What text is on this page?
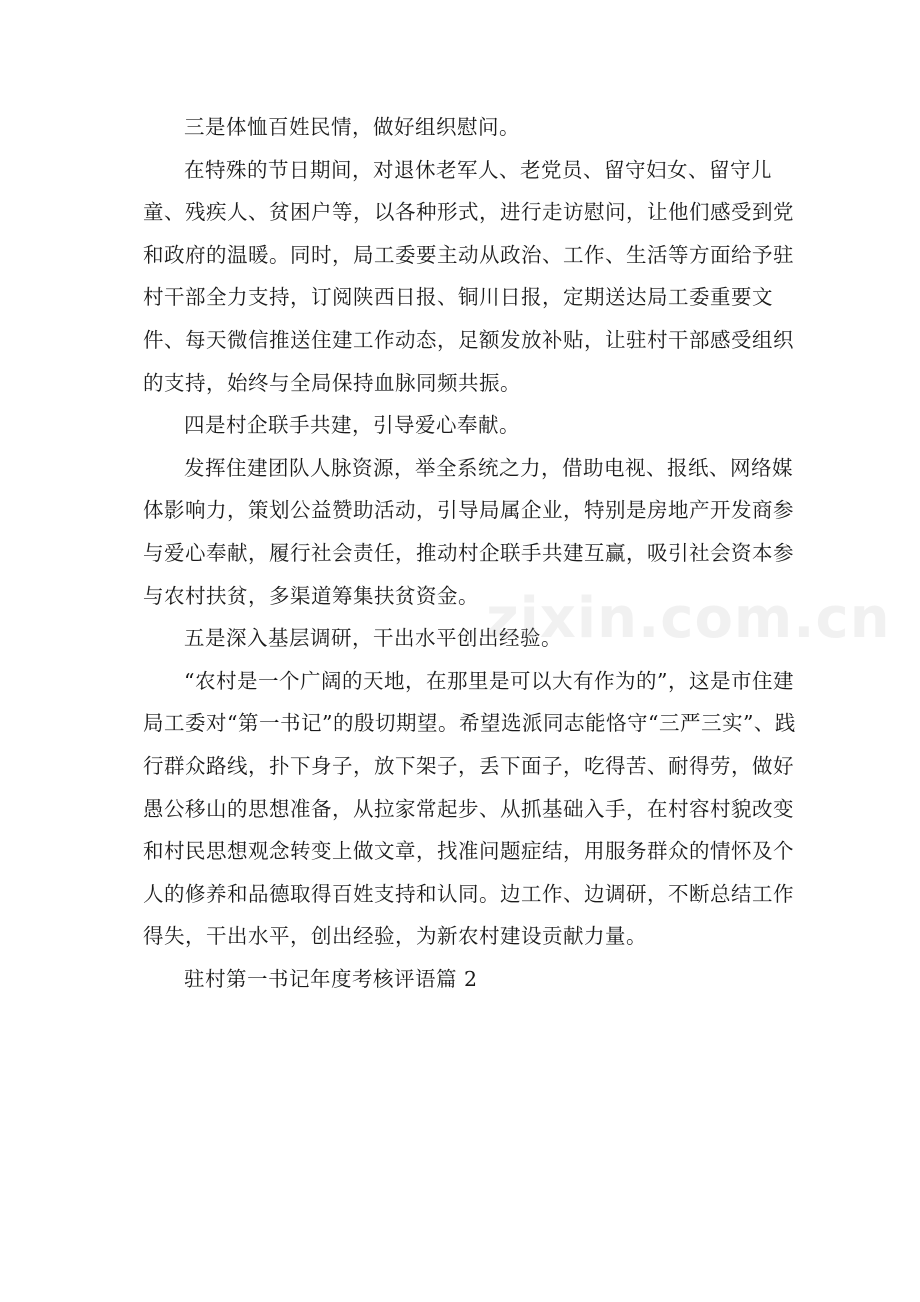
三是体恤百姓民情，做好组织慰问。

在特殊的节日期间，对退休老军人、老党员、留守妇女、留守儿童、残疾人、贫困户等，以各种形式，进行走访慰问，让他们感受到党和政府的温暖。同时，局工委要主动从政治、工作、生活等方面给予驻村干部全力支持，订阅陕西日报、铜川日报，定期送达局工委重要文件、每天微信推送住建工作动态，足额发放补贴，让驻村干部感受组织的支持，始终与全局保持血脉同频共振。

四是村企联手共建，引导爱心奉献。

发挥住建团队人脉资源，举全系统之力，借助电视、报纸、网络媒体影响力，策划公益赞助活动，引导局属企业，特别是房地产开发商参与爱心奉献，履行社会责任，推动村企联手共建互赢，吸引社会资本参与农村扶贫，多渠道筹集扶贫资金。

五是深入基层调研，干出水平创出经验。

“农村是一个广阔的天地，在那里是可以大有作为的”，这是市住建局工委对“第一书记”的殷切期望。希望选派同志能恪守“三严三实”、践行群众路线，扑下身子，放下架子，丢下面子，吃得苦、耐得劳，做好愚公移山的思想准备，从拉家常起步、从抓基础入手，在村容村貌改变和村民思想观念转变上做文章，找准问题症结，用服务群众的情怀及个人的修养和品德取得百姓支持和认同。边工作、边调研，不断总结工作得失，干出水平，创出经验，为新农村建设贡献力量。

驻村第一书记年度考核评语篇 2

zixin.com.cn
